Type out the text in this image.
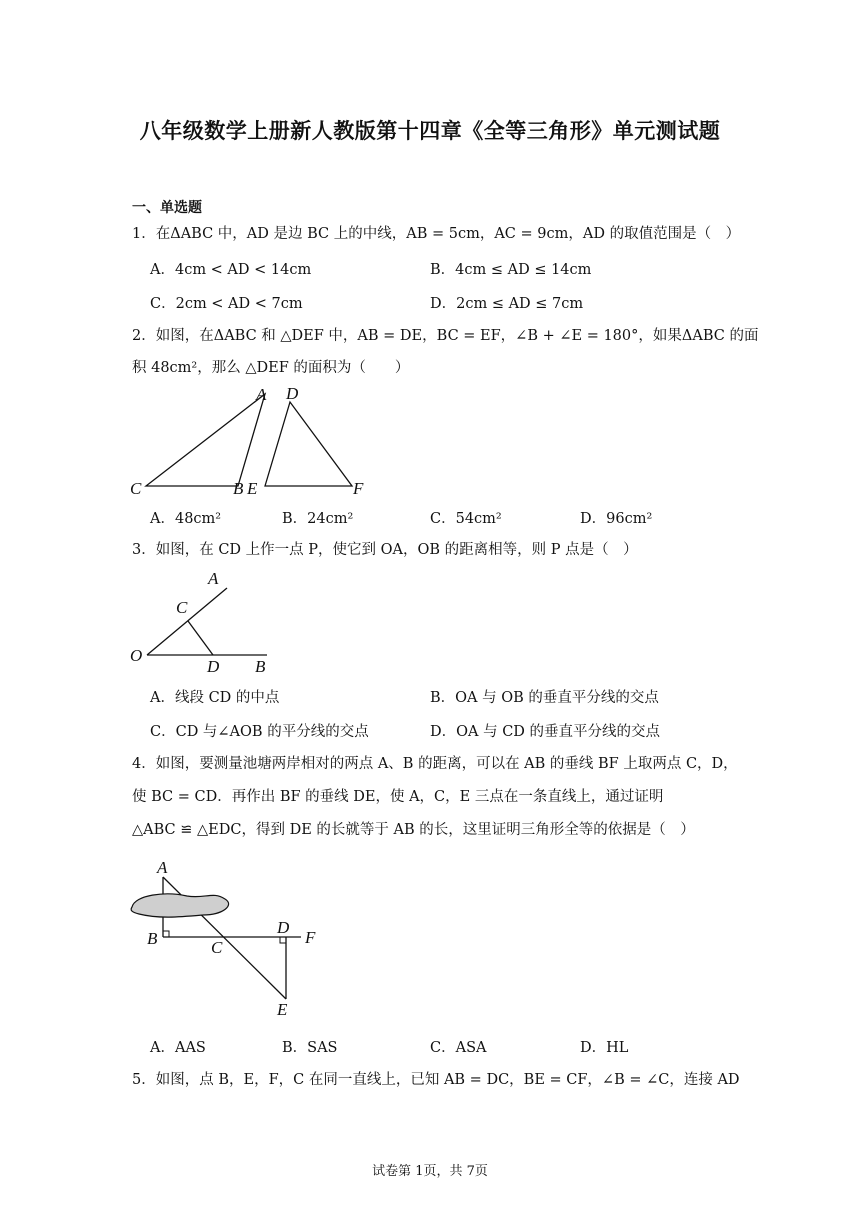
八年级数学上册新人教版第十四章《全等三角形》单元测试题
一、单选题
1．在ΔABC 中，AD 是边 BC 上的中线，AB = 5cm，AC = 9cm，AD 的取值范围是（　）
A．4cm < AD < 14cm	B．4cm ≤ AD ≤ 14cm
C．2cm < AD < 7cm	D．2cm ≤ AD ≤ 7cm
2．如图，在ΔABC 和 △DEF 中，AB = DE，BC = EF，∠B + ∠E = 180°，如果ΔABC 的面
积 48cm²，那么 △DEF 的面积为（　　）
A D
C	B E	F
A．48cm²	B．24cm²	C．54cm²	D．96cm²
3．如图，在 CD 上作一点 P，使它到 OA，OB 的距离相等，则 P 点是（　）
A
C
O
D B
A．线段 CD 的中点	B．OA 与 OB 的垂直平分线的交点
C．CD 与∠AOB 的平分线的交点	D．OA 与 CD 的垂直平分线的交点
4．如图，要测量池塘两岸相对的两点 A、B 的距离，可以在 AB 的垂线 BF 上取两点 C，D，
使 BC = CD．再作出 BF 的垂线 DE，使 A，C，E 三点在一条直线上，通过证明
△ABC ≌ △EDC，得到 DE 的长就等于 AB 的长，这里证明三角形全等的依据是（　）
A
B	C
D
F
E
A．AAS	B．SAS	C．ASA	D．HL
5．如图，点 B，E，F，C 在同一直线上，已知 AB = DC，BE = CF，∠B = ∠C，连接 AD
试卷第 1页，共 7页
